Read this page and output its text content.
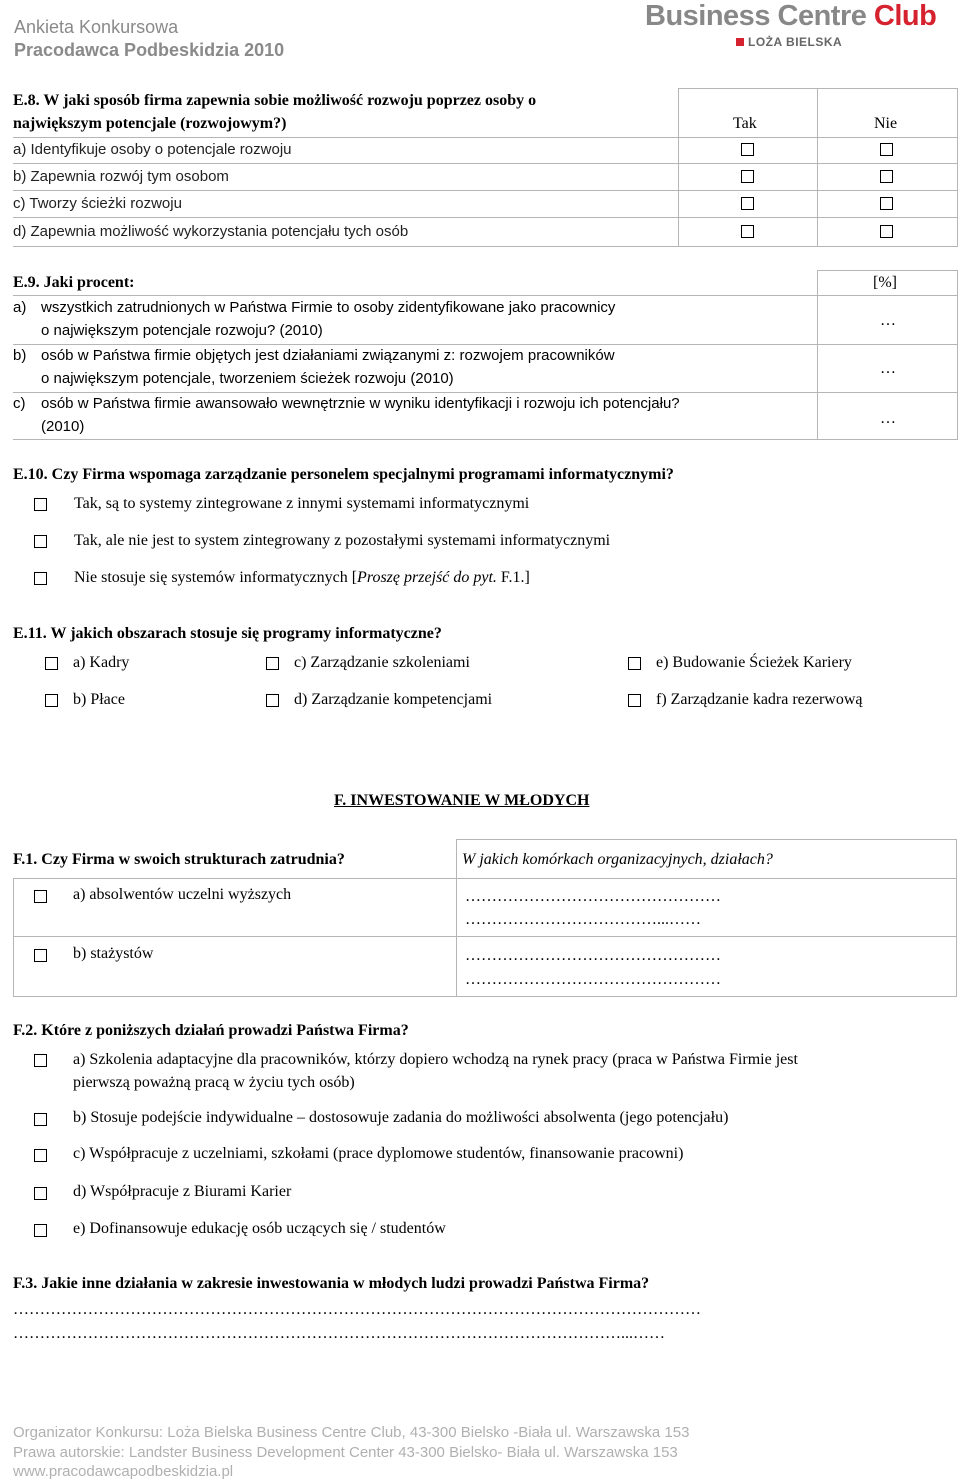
Ankieta Konkursowa
Pracodawca Podbeskidzia 2010
Business Centre Club
LOŻA BIELSKA
E.8. W jaki sposób firma zapewnia sobie możliwość rozwoju poprzez osoby o
największym potencjale (rozwojowym?)	Tak	Nie
a) Identyfikuje osoby o potencjale rozwoju
b) Zapewnia rozwój tym osobom
c) Tworzy ścieżki rozwoju
d) Zapewnia możliwość wykorzystania potencjału tych osób
E.9. Jaki procent:	[%]
a) wszystkich zatrudnionych w Państwa Firmie to osoby zidentyfikowane jako pracownicy
o największym potencjale rozwoju? (2010)
…
b) osób w Państwa firmie objętych jest działaniami związanymi z: rozwojem pracowników
o największym potencjale, tworzeniem ścieżek rozwoju (2010)
…
c) osób w Państwa firmie awansowało wewnętrznie w wyniku identyfikacji i rozwoju ich potencjału?
(2010)	…
E.10. Czy Firma wspomaga zarządzanie personelem specjalnymi programami informatycznymi?
Tak, są to systemy zintegrowane z innymi systemami informatycznymi
Tak, ale nie jest to system zintegrowany z pozostałymi systemami informatycznymi
Nie stosuje się systemów informatycznych [Proszę przejść do pyt. F.1.]
E.11. W jakich obszarach stosuje się programy informatyczne?
a) Kadry	c) Zarządzanie szkoleniami	e) Budowanie Ścieżek Kariery
b) Płace	d) Zarządzanie kompetencjami	f) Zarządzanie kadra rezerwową
F. INWESTOWANIE W MŁODYCH
F.1. Czy Firma w swoich strukturach zatrudnia?	W jakich komórkach organizacyjnych, działach?
a) absolwentów uczelni wyższych	…………………………………………
………………………………...……
b) stażystów	…………………………………………
…………………………………………
F.2. Które z poniższych działań prowadzi Państwa Firma?
a) Szkolenia adaptacyjne dla pracowników, którzy dopiero wchodzą na rynek pracy (praca w Państwa Firmie jest
pierwszą poważną pracą w życiu tych osób)
b) Stosuje podejście indywidualne – dostosowuje zadania do możliwości absolwenta (jego potencjału)
c) Współpracuje z uczelniami, szkołami (prace dyplomowe studentów, finansowanie pracowni)
d) Współpracuje z Biurami Karier
e) Dofinansowuje edukację osób uczących się / studentów
F.3. Jakie inne działania w zakresie inwestowania w młodych ludzi prowadzi Państwa Firma?
…………………………………………………………………………………………………………………
……………………………………………………………………………………………………...……
Organizator Konkursu: Loża Bielska Business Centre Club, 43-300 Bielsko -Biała ul. Warszawska 153
Prawa autorskie: Landster Business Development Center 43-300 Bielsko- Biała ul. Warszawska 153
www.pracodawcapodbeskidzia.pl
